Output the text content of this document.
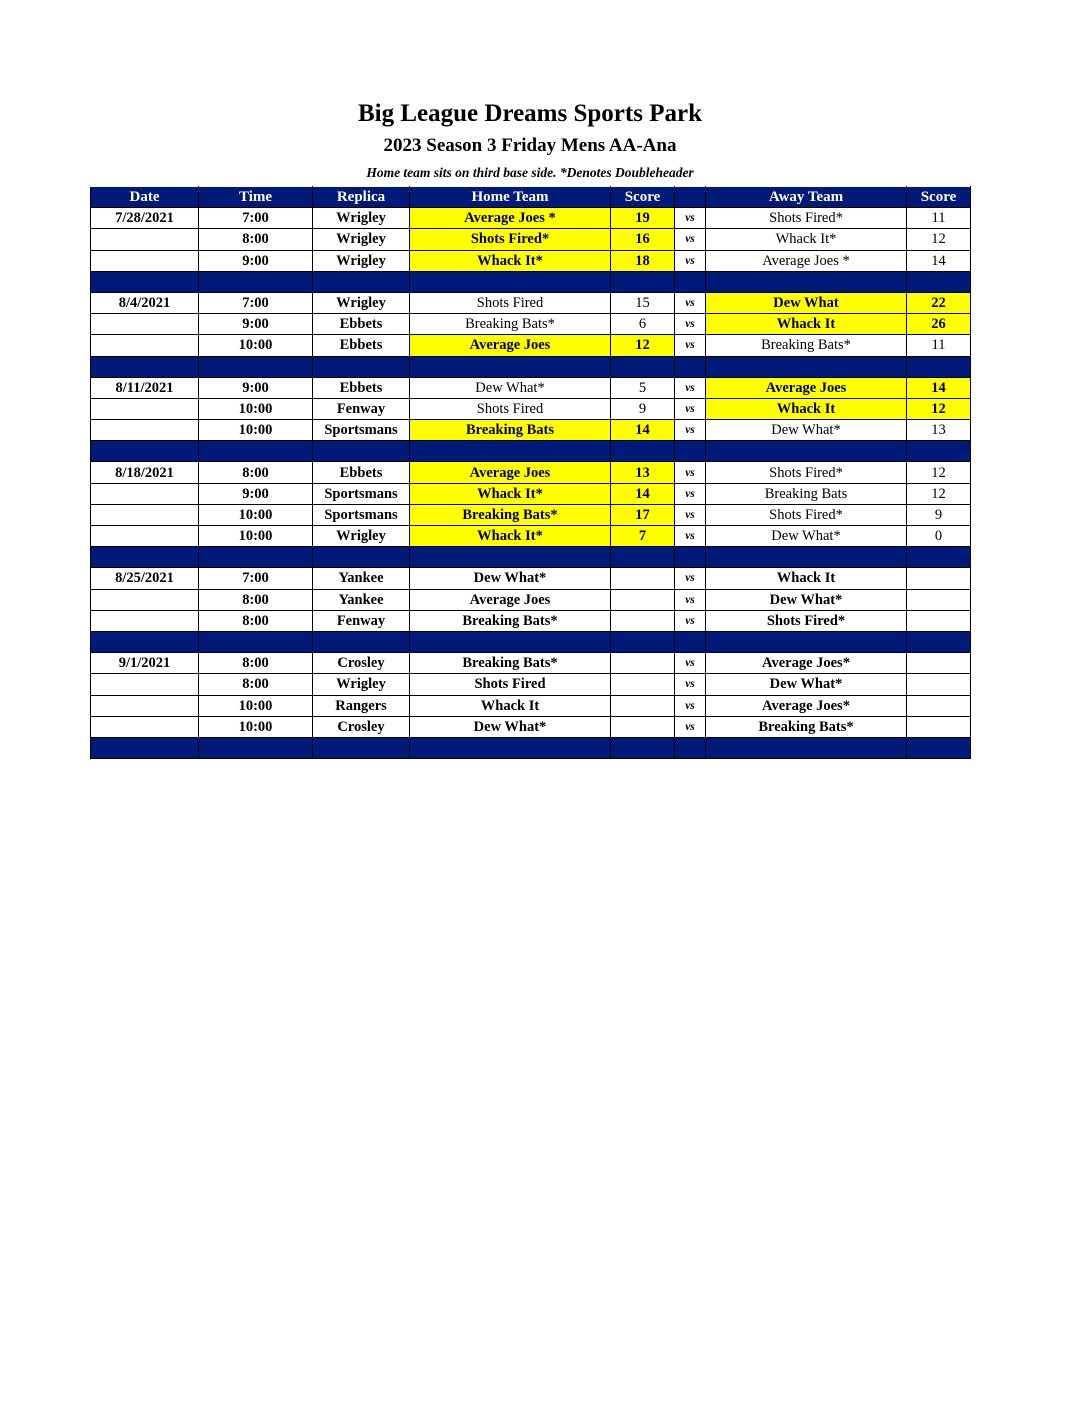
Big League Dreams Sports Park
2023 Season 3 Friday Mens AA-Ana
Home team sits on third base side. *Denotes Doubleheader
Date	Time	Replica	Home Team	Score		Away Team	Score
7/28/2021	7:00	Wrigley	Average Joes *	19	vs	Shots Fired*	11
	8:00	Wrigley	Shots Fired*	16	vs	Whack It*	12
	9:00	Wrigley	Whack It*	18	vs	Average Joes *	14

8/4/2021	7:00	Wrigley	Shots Fired	15	vs	Dew What	22
	9:00	Ebbets	Breaking Bats*	6	vs	Whack It	26
	10:00	Ebbets	Average Joes	12	vs	Breaking Bats*	11

8/11/2021	9:00	Ebbets	Dew What*	5	vs	Average Joes	14
	10:00	Fenway	Shots Fired	9	vs	Whack It	12
	10:00	Sportsmans	Breaking Bats	14	vs	Dew What*	13

8/18/2021	8:00	Ebbets	Average Joes	13	vs	Shots Fired*	12
	9:00	Sportsmans	Whack It*	14	vs	Breaking Bats	12
	10:00	Sportsmans	Breaking Bats*	17	vs	Shots Fired*	9
	10:00	Wrigley	Whack It*	7	vs	Dew What*	0

8/25/2021	7:00	Yankee	Dew What*		vs	Whack It	
	8:00	Yankee	Average Joes		vs	Dew What*	
	8:00	Fenway	Breaking Bats*		vs	Shots Fired*	

9/1/2021	8:00	Crosley	Breaking Bats*		vs	Average Joes*	
	8:00	Wrigley	Shots Fired		vs	Dew What*	
	10:00	Rangers	Whack It		vs	Average Joes*	
	10:00	Crosley	Dew What*		vs	Breaking Bats*	
